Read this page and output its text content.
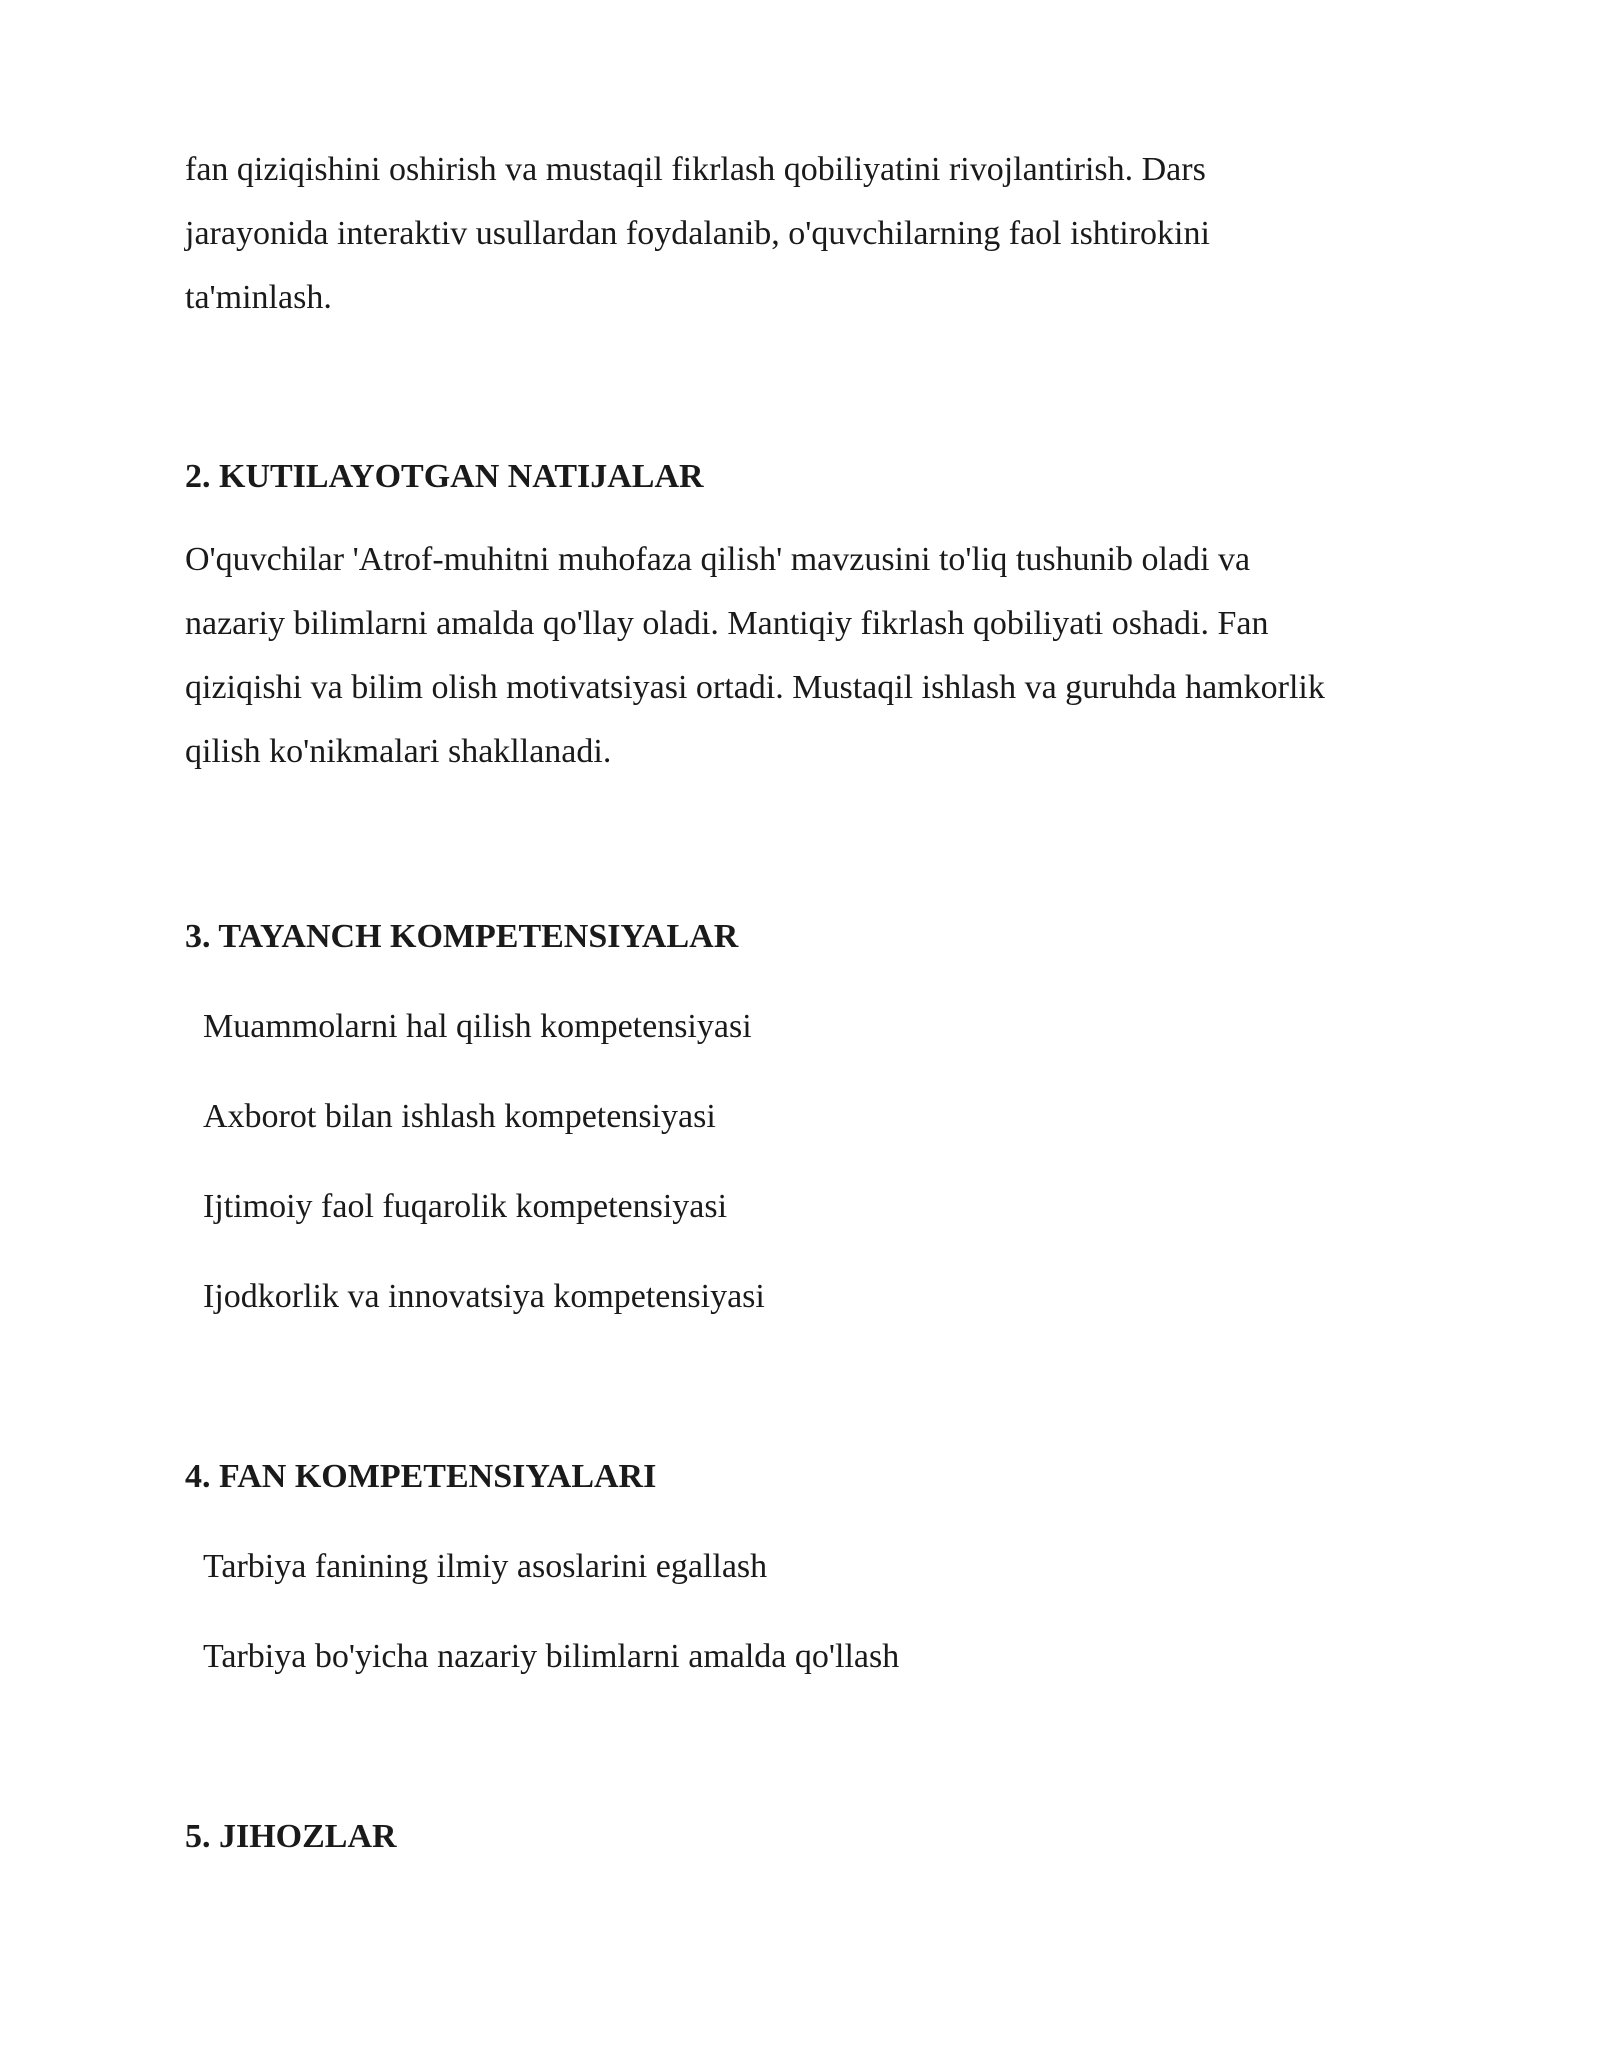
fan qiziqishini oshirish va mustaqil fikrlash qobiliyatini rivojlantirish. Dars

jarayonida interaktiv usullardan foydalanib, o'quvchilarning faol ishtirokini

ta'minlash.

2. KUTILAYOTGAN NATIJALAR

O'quvchilar 'Atrof-muhitni muhofaza qilish' mavzusini to'liq tushunib oladi va

nazariy bilimlarni amalda qo'llay oladi. Mantiqiy fikrlash qobiliyati oshadi. Fan

qiziqishi va bilim olish motivatsiyasi ortadi. Mustaqil ishlash va guruhda hamkorlik

qilish ko'nikmalari shakllanadi.

3. TAYANCH KOMPETENSIYALAR

Muammolarni hal qilish kompetensiyasi

Axborot bilan ishlash kompetensiyasi

Ijtimoiy faol fuqarolik kompetensiyasi

Ijodkorlik va innovatsiya kompetensiyasi

4. FAN KOMPETENSIYALARI

Tarbiya fanining ilmiy asoslarini egallash

Tarbiya bo'yicha nazariy bilimlarni amalda qo'llash

5. JIHOZLAR
